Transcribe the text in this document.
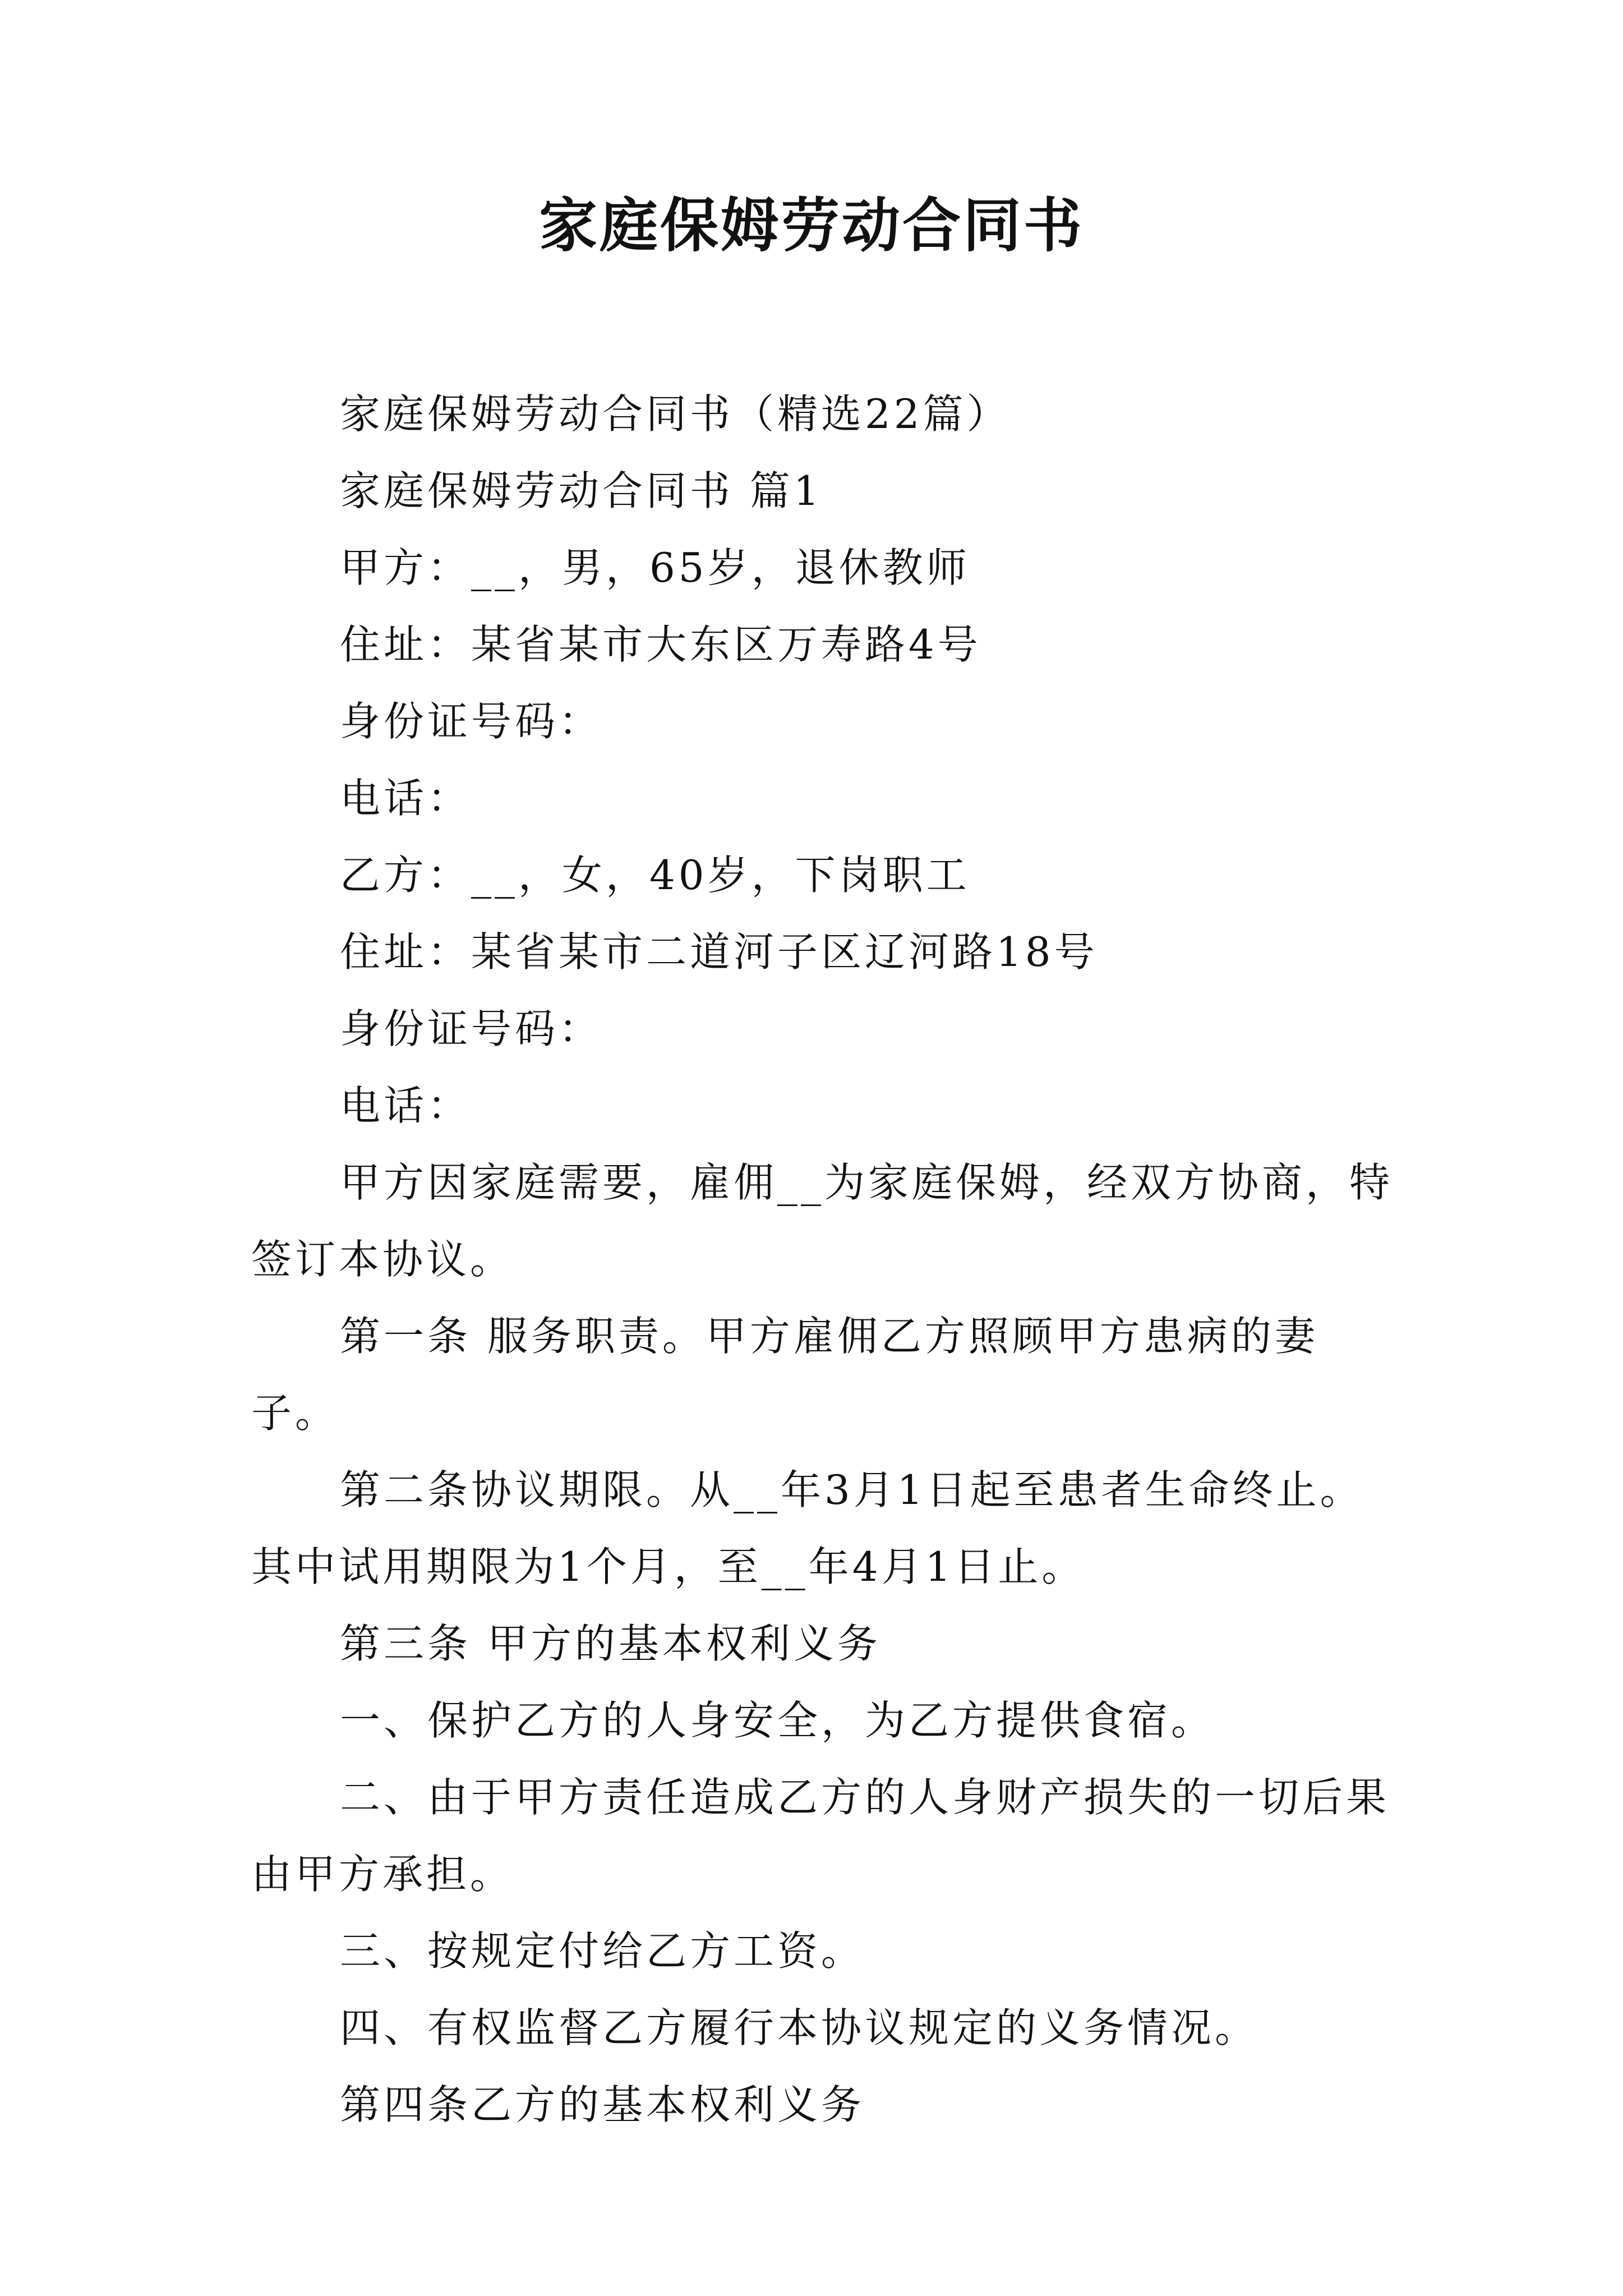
家庭保姆劳动合同书

家庭保姆劳动合同书（精选22篇）

家庭保姆劳动合同书 篇1

甲方：__，男，65岁，退休教师

住址：某省某市大东区万寿路4号

身份证号码：

电话：

乙方：__，女，40岁，下岗职工

住址：某省某市二道河子区辽河路18号

身份证号码：

电话：

甲方因家庭需要，雇佣__为家庭保姆，经双方协商，特签订本协议。

第一条 服务职责。甲方雇佣乙方照顾甲方患病的妻子。

第二条协议期限。从__年3月1日起至患者生命终止。其中试用期限为1个月，至__年4月1日止。

第三条 甲方的基本权利义务

一、保护乙方的人身安全，为乙方提供食宿。

二、由于甲方责任造成乙方的人身财产损失的一切后果由甲方承担。

三、按规定付给乙方工资。

四、有权监督乙方履行本协议规定的义务情况。

第四条乙方的基本权利义务
